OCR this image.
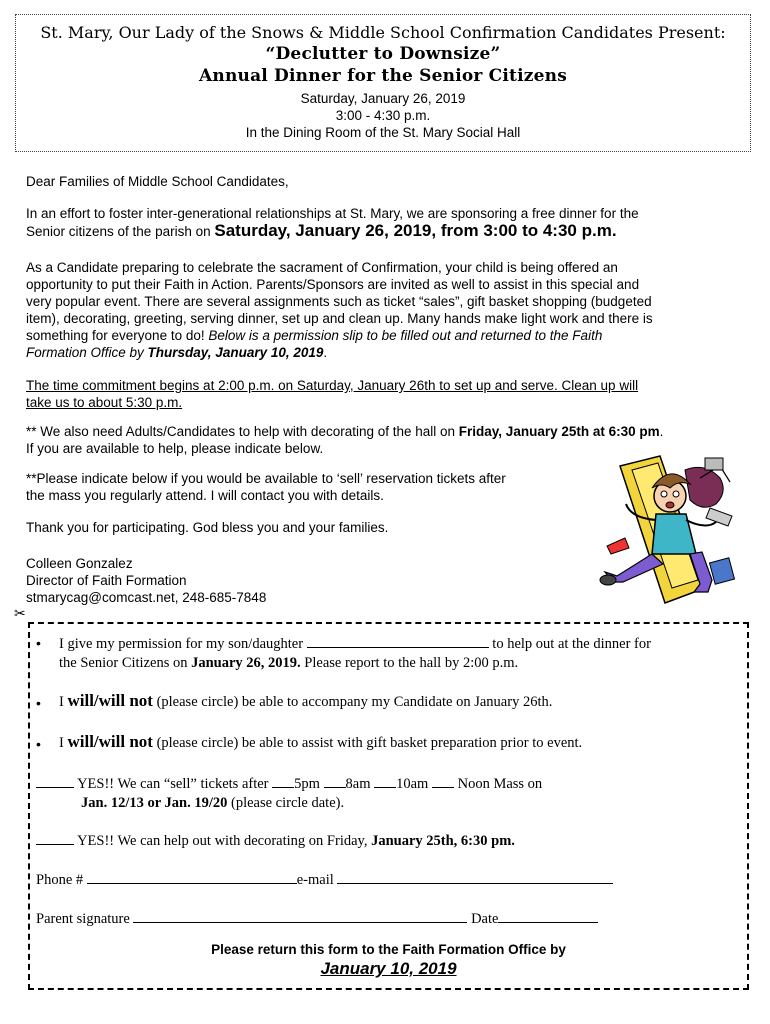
St. Mary, Our Lady of the Snows & Middle School Confirmation Candidates Present:
“Declutter to Downsize”
Annual Dinner for the Senior Citizens
Saturday, January 26, 2019
3:00 - 4:30 p.m.
In the Dining Room of the St. Mary Social Hall
Dear Families of Middle School Candidates,
In an effort to foster inter-generational relationships at St. Mary, we are sponsoring a free dinner for the
Senior citizens of the parish on Saturday, January 26, 2019, from 3:00 to 4:30 p.m.
As a Candidate preparing to celebrate the sacrament of Confirmation, your child is being offered an
opportunity to put their Faith in Action. Parents/Sponsors are invited as well to assist in this special and
very popular event. There are several assignments such as ticket “sales”, gift basket shopping (budgeted
item), decorating, greeting, serving dinner, set up and clean up. Many hands make light work and there is
something for everyone to do! Below is a permission slip to be filled out and returned to the Faith
Formation Office by Thursday, January 10, 2019.
The time commitment begins at 2:00 p.m. on Saturday, January 26th to set up and serve. Clean up will
take us to about 5:30 p.m.
** We also need Adults/Candidates to help with decorating of the hall on Friday, January 25th at 6:30 pm.
If you are available to help, please indicate below.
**Please indicate below if you would be available to ‘sell’ reservation tickets after
the mass you regularly attend. I will contact you with details.
Thank you for participating. God bless you and your families.
Colleen Gonzalez
Director of Faith Formation
stmarycag@comcast.net, 248-685-7848
✂
• I give my permission for my son/daughter	to help out at the dinner for
the Senior Citizens on January 26, 2019. Please report to the hall by 2:00 p.m.
• I will/will not (please circle) be able to accompany my Candidate on January 26th.
• I will/will not (please circle) be able to assist with gift basket preparation prior to event.
YES!! We can “sell” tickets after 5pm 8am 10am  Noon Mass on
Jan. 12/13 or Jan. 19/20 (please circle date).
YES!! We can help out with decorating on Friday, January 25th, 6:30 pm.
Phone #	e-mail
Parent signature	Date
Please return this form to the Faith Formation Office by
January 10, 2019
